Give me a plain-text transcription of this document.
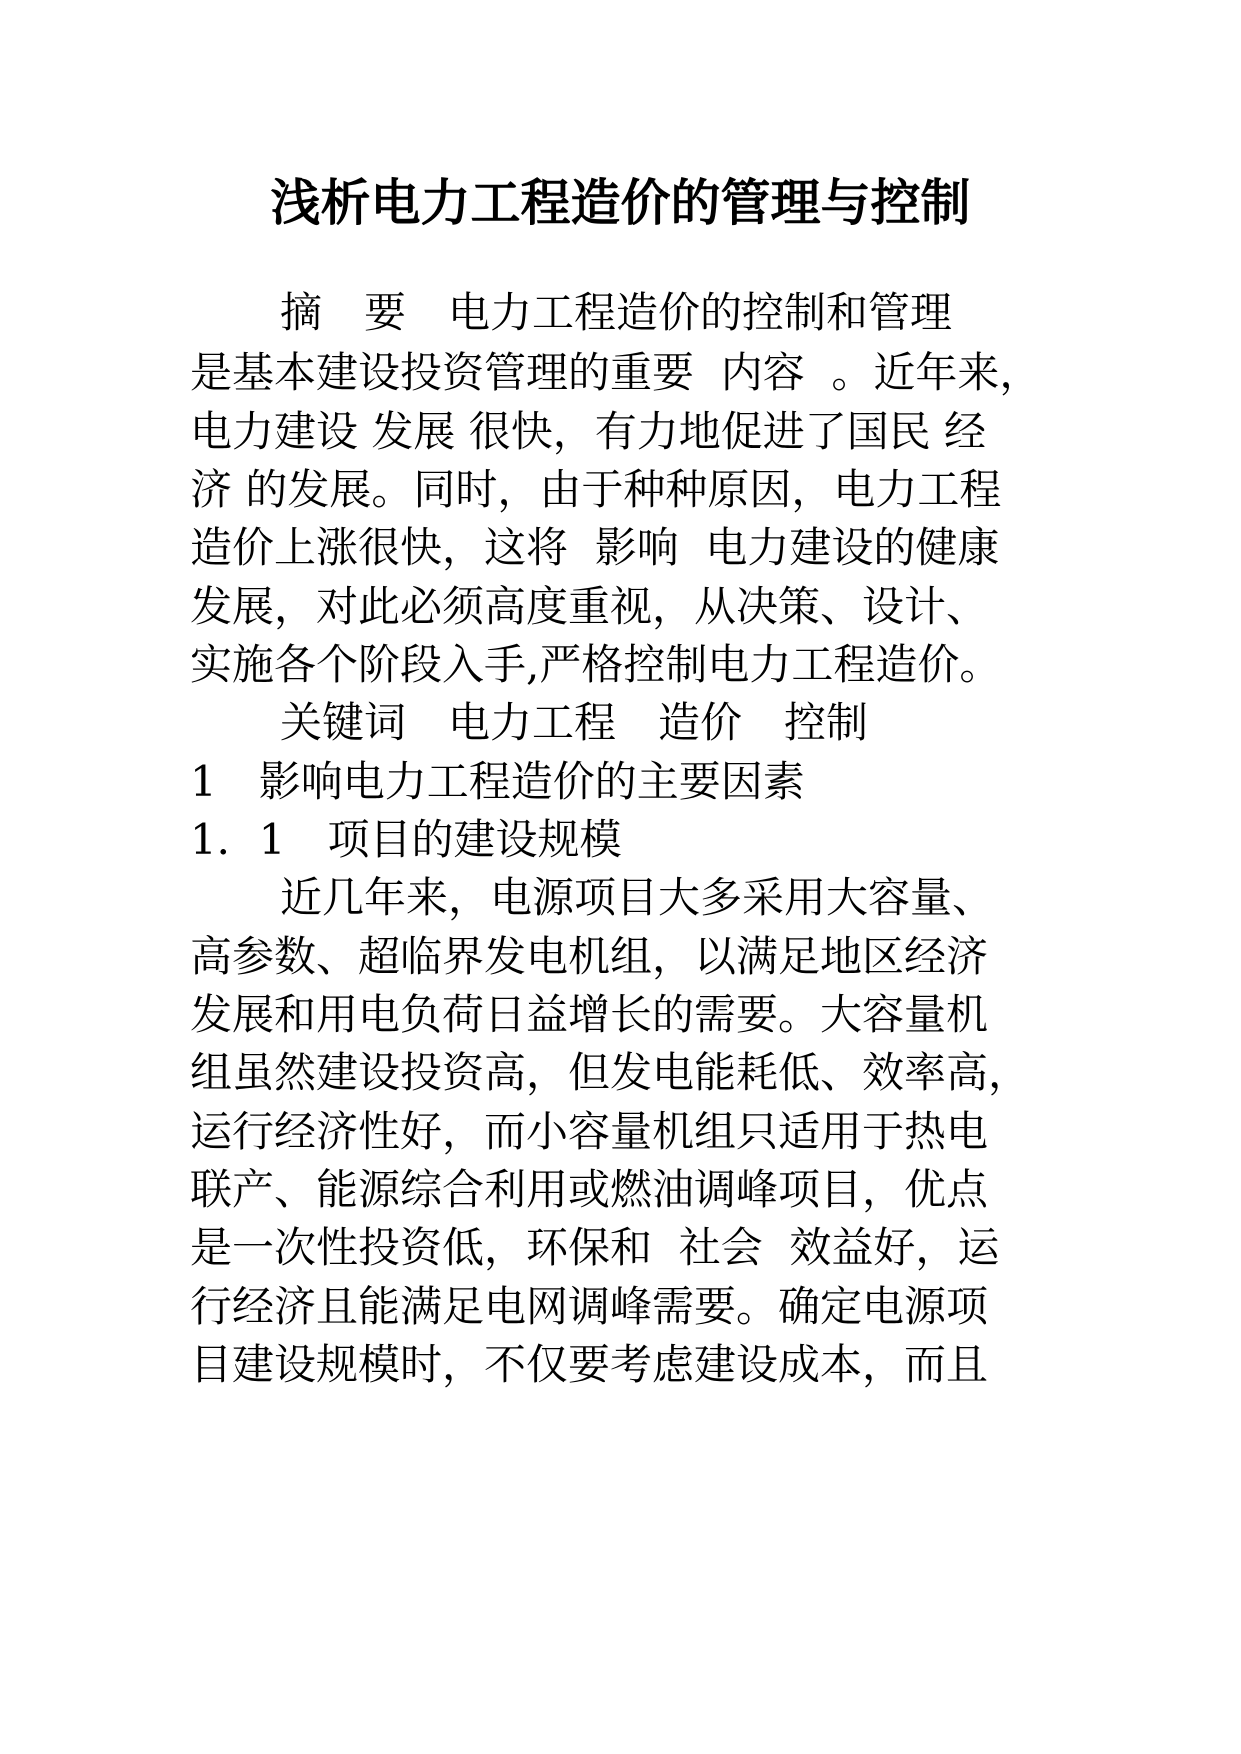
浅析电力工程造价的管理与控制
摘　要　电力工程造价的控制和管理
是基本建设投资管理的重要  内容  。近年来，
电力建设 发展 很快，有力地促进了国民 经
济 的发展。同时，由于种种原因，电力工程
造价上涨很快，这将  影响  电力建设的健康
发展，对此必须高度重视，从决策、设计、
实施各个阶段入手,严格控制电力工程造价。
关键词　电力工程　造价　控制
1　影响电力工程造价的主要因素
1．1　项目的建设规模
近几年来，电源项目大多采用大容量、
高参数、超临界发电机组，以满足地区经济
发展和用电负荷日益增长的需要。大容量机
组虽然建设投资高，但发电能耗低、效率高，
运行经济性好，而小容量机组只适用于热电
联产、能源综合利用或燃油调峰项目，优点
是一次性投资低，环保和  社会  效益好，运
行经济且能满足电网调峰需要。确定电源项
目建设规模时，不仅要考虑建设成本，而且
